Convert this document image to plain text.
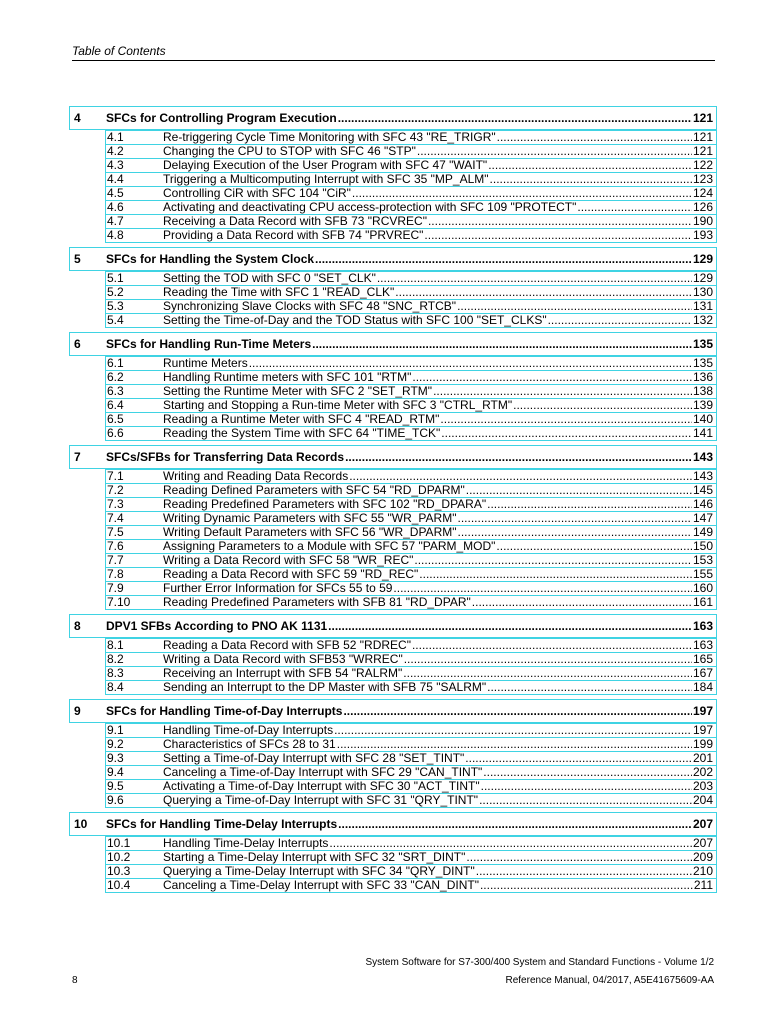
Table of Contents
4	SFCs for Controlling Program Execution .....	121
4.1	Re-triggering Cycle Time Monitoring with SFC 43 "RE_TRIGR" .....	121
4.2	Changing the CPU to STOP with SFC 46 "STP" .....	121
4.3	Delaying Execution of the User Program with SFC 47 "WAIT" .....	122
4.4	Triggering a Multicomputing Interrupt with SFC 35 "MP_ALM" .....	123
4.5	Controlling CiR with SFC 104 "CiR" .....	124
4.6	Activating and deactivating CPU access-protection with SFC 109 "PROTECT" .....	126
4.7	Receiving a Data Record with SFB 73 "RCVREC" .....	190
4.8	Providing a Data Record with SFB 74 "PRVREC" .....	193
5	SFCs for Handling the System Clock .....	129
5.1	Setting the TOD with SFC 0 "SET_CLK" .....	129
5.2	Reading the Time with SFC 1 "READ_CLK" .....	130
5.3	Synchronizing Slave Clocks with SFC 48 "SNC_RTCB" .....	131
5.4	Setting the Time-of-Day and the TOD Status with SFC 100 "SET_CLKS" .....	132
6	SFCs for Handling Run-Time Meters .....	135
6.1	Runtime Meters .....	135
6.2	Handling Runtime meters with SFC 101 "RTM" .....	136
6.3	Setting the Runtime Meter with SFC 2 "SET_RTM" .....	138
6.4	Starting and Stopping a Run-time Meter with SFC 3 "CTRL_RTM" .....	139
6.5	Reading a Runtime Meter with SFC 4 "READ_RTM" .....	140
6.6	Reading the System Time with SFC 64 "TIME_TCK" .....	141
7	SFCs/SFBs for Transferring Data Records .....	143
7.1	Writing and Reading Data Records .....	143
7.2	Reading Defined Parameters with SFC 54 "RD_DPARM" .....	145
7.3	Reading Predefined Parameters with SFC 102 "RD_DPARA" .....	146
7.4	Writing Dynamic Parameters with SFC 55 "WR_PARM" .....	147
7.5	Writing Default Parameters with SFC 56 "WR_DPARM" .....	149
7.6	Assigning Parameters to a Module with SFC 57 "PARM_MOD" .....	150
7.7	Writing a Data Record with SFC 58 "WR_REC" .....	153
7.8	Reading a Data Record with SFC 59 "RD_REC" .....	155
7.9	Further Error Information for SFCs 55 to 59 .....	160
7.10	Reading Predefined Parameters with SFB 81 "RD_DPAR" .....	161
8	DPV1 SFBs According to PNO AK 1131 .....	163
8.1	Reading a Data Record with SFB 52 "RDREC" .....	163
8.2	Writing a Data Record with SFB53 "WRREC" .....	165
8.3	Receiving an Interrupt with SFB 54 "RALRM" .....	167
8.4	Sending an Interrupt to the DP Master with SFB 75 "SALRM" .....	184
9	SFCs for Handling Time-of-Day Interrupts .....	197
9.1	Handling Time-of-Day Interrupts .....	197
9.2	Characteristics of SFCs 28 to 31 .....	199
9.3	Setting a Time-of-Day Interrupt with SFC 28 "SET_TINT" .....	201
9.4	Canceling a Time-of-Day Interrupt with SFC 29 "CAN_TINT" .....	202
9.5	Activating a Time-of-Day Interrupt with SFC 30 "ACT_TINT" .....	203
9.6	Querying a Time-of-Day Interrupt with SFC 31 "QRY_TINT" .....	204
10	SFCs for Handling Time-Delay Interrupts .....	207
10.1	Handling Time-Delay Interrupts .....	207
10.2	Starting a Time-Delay Interrupt with SFC 32 "SRT_DINT" .....	209
10.3	Querying a Time-Delay Interrupt with SFC 34 "QRY_DINT" .....	210
10.4	Canceling a Time-Delay Interrupt with SFC 33 "CAN_DINT" .....	211
System Software for S7-300/400 System and Standard Functions - Volume 1/2
8	Reference Manual, 04/2017, A5E41675609-AA
